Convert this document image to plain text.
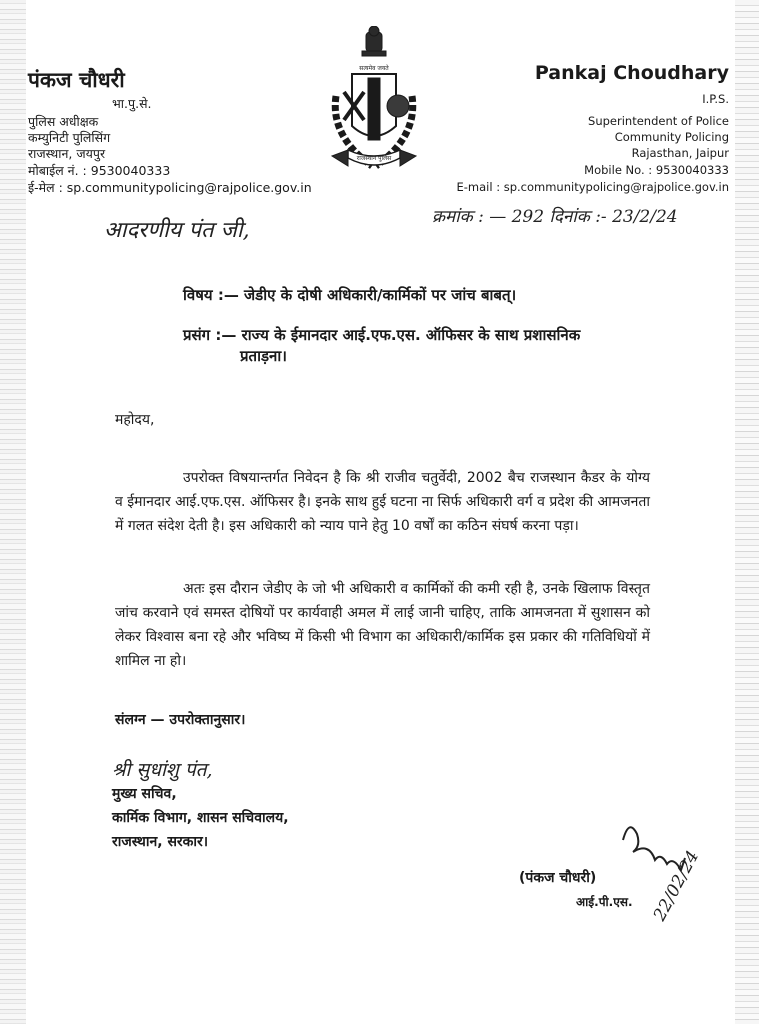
पंकज चौधरी
भा.पु.से.
पुलिस अधीक्षक
कम्युनिटी पुलिसिंग
राजस्थान, जयपुर
मोबाईल नं. : 9530040333
ई-मेल : sp.communitypolicing@rajpolice.gov.in
सत्यमेव जयते
राजस्थान पुलिस
Pankaj Choudhary
I.P.S.
Superintendent of Police
Community Policing
Rajasthan, Jaipur
Mobile No. : 9530040333
E-mail : sp.communitypolicing@rajpolice.gov.in
क्रमांक : — 292 दिनांक :- 23/2/24
आदरणीय पंत जी,
विषय :— जेडीए के दोषी अधिकारी/कार्मिकों पर जांच बाबत्।
प्रसंग :— राज्य के ईमानदार आई.एफ.एस. ऑफिसर के साथ प्रशासनिक
प्रताड़ना।
महोदय,
उपरोक्त विषयान्तर्गत निवेदन है कि श्री राजीव चतुर्वेदी, 2002 बैच राजस्थान कैडर के योग्य व ईमानदार आई.एफ.एस. ऑफिसर है। इनके साथ हुई घटना ना सिर्फ अधिकारी वर्ग व प्रदेश की आमजनता में गलत संदेश देती है। इस अधिकारी को न्याय पाने हेतु 10 वर्षों का कठिन संघर्ष करना पड़ा।
अतः इस दौरान जेडीए के जो भी अधिकारी व कार्मिकों की कमी रही है, उनके खिलाफ विस्तृत जांच करवाने एवं समस्त दोषियों पर कार्यवाही अमल में लाई जानी चाहिए, ताकि आमजनता में सुशासन को लेकर विश्वास बना रहे और भविष्य में किसी भी विभाग का अधिकारी/कार्मिक इस प्रकार की गतिविधियों में शामिल ना हो।
संलग्न — उपरोक्तानुसार।
श्री सुधांशु पंत,
मुख्य सचिव,
कार्मिक विभाग, शासन सचिवालय,
राजस्थान, सरकार।
22/02/24
(पंकज चौधरी)
आई.पी.एस.
